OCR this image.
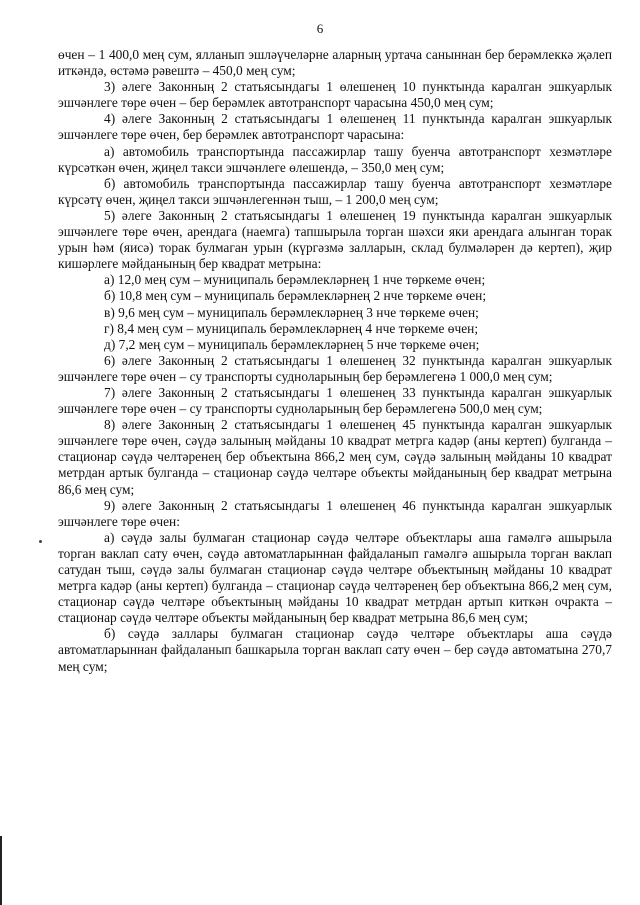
6

өчен – 1 400,0 мең сум, ялланып эшләүчеләрне аларның уртача саныннан бер берәмлеккә җәлеп иткәндә, өстәмә рәвештә – 450,0 мең сум;

3) әлеге Законның 2 статьясындагы 1 өлешенең 10 пунктында каралган эшкуарлык эшчәнлеге төре өчен – бер берәмлек автотранспорт чарасына 450,0 мең сум;

4) әлеге Законның 2 статьясындагы 1 өлешенең 11 пунктында каралган эшкуарлык эшчәнлеге төре өчен, бер берәмлек автотранспорт чарасына:

а) автомобиль транспортында пассажирлар ташу буенча автотранспорт хезмәтләре күрсәткән өчен, җиңел такси эшчәнлеге өлешендә, – 350,0 мең сум;

б) автомобиль транспортында пассажирлар ташу буенча автотранспорт хезмәтләре күрсәтү өчен, җиңел такси эшчәнлегеннән тыш, – 1 200,0 мең сум;

5) әлеге Законның 2 статьясындагы 1 өлешенең 19 пунктында каралган эшкуарлык эшчәнлеге төре өчен, арендага (наемга) тапшырыла торган шәхси яки арендага алынган торак урын һәм (яисә) торак булмаган урын (күргәзмә залларын, склад булмәләрен дә кертеп), җир кишәрлеге мәйданының бер квадрат метрына:

а) 12,0 мең сум – муниципаль берәмлекләрнең 1 нче төркеме өчен;

б) 10,8 мең сум – муниципаль берәмлекләрнең 2 нче төркеме өчен;

в) 9,6 мең сум – муниципаль берәмлекләрнең 3 нче төркеме өчен;

г) 8,4 мең сум – муниципаль берәмлекләрнең 4 нче төркеме өчен;

д) 7,2 мең сум – муниципаль берәмлекләрнең 5 нче төркеме өчен;

6) әлеге Законның 2 статьясындагы 1 өлешенең 32 пунктында каралган эшкуарлык эшчәнлеге төре өчен – су транспорты судноларының бер берәмлегенә 1 000,0 мең сум;

7) әлеге Законның 2 статьясындагы 1 өлешенең 33 пунктында каралган эшкуарлык эшчәнлеге төре өчен – су транспорты судноларының бер берәмлегенә 500,0 мең сум;

8) әлеге Законның 2 статьясындагы 1 өлешенең 45 пунктында каралган эшкуарлык эшчәнлеге төре өчен, сәүдә залының мәйданы 10 квадрат метрга кадәр (аны кертеп) булганда – стационар сәүдә челтәренең бер объектына 866,2 мең сум, сәүдә залының мәйданы 10 квадрат метрдан артык булганда – стационар сәүдә челтәре объекты мәйданының бер квадрат метрына 86,6 мең сум;

9) әлеге Законның 2 статьясындагы 1 өлешенең 46 пунктында каралган эшкуарлык эшчәнлеге төре өчен:

а) сәүдә залы булмаган стационар сәүдә челтәре объектлары аша гамәлгә ашырыла торган ваклап сату өчен, сәүдә автоматларыннан файдаланып гамәлгә ашырыла торган ваклап сатудан тыш, сәүдә залы булмаган стационар сәүдә челтәре объектының мәйданы 10 квадрат метрга кадәр (аны кертеп) булганда – стационар сәүдә челтәренең бер объектына 866,2 мең сум, стационар сәүдә челтәре объектының мәйданы 10 квадрат метрдан артып киткән очракта – стационар сәүдә челтәре объекты мәйданының бер квадрат метрына 86,6 мең сум;

б) сәүдә заллары булмаган стационар сәүдә челтәре объектлары аша сәүдә автоматларыннан файдаланып башкарыла торган ваклап сату өчен – бер сәүдә автоматына 270,7 мең сум;
